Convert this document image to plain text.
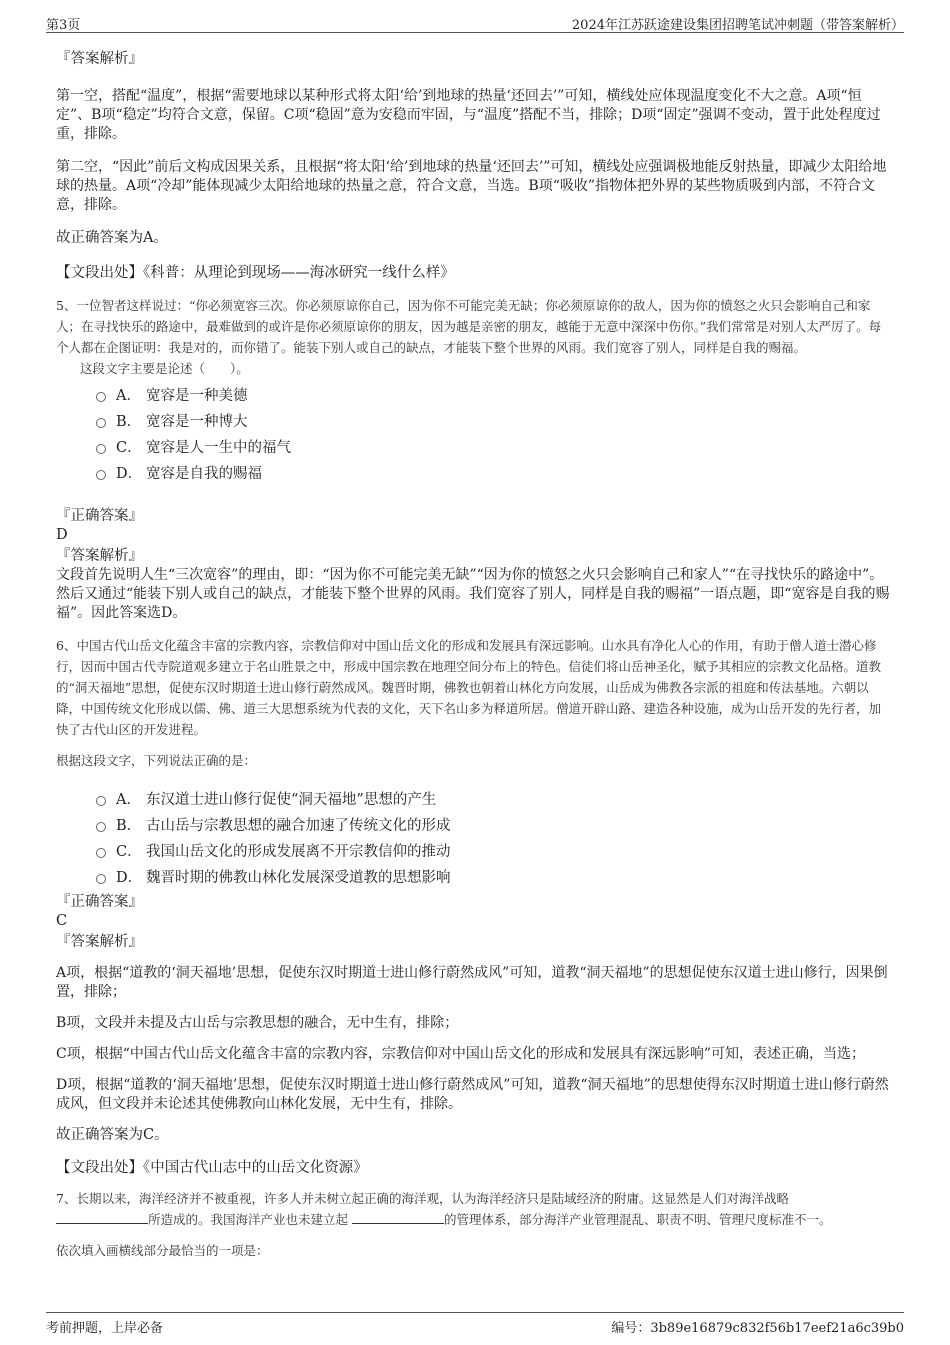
第3页	2024年江苏跃途建设集团招聘笔试冲刺题（带答案解析）

『答案解析』

第一空，搭配“温度”，根据“需要地球以某种形式将太阳‘给’到地球的热量‘还回去’”可知，横线处应体现温度变化不大之意。A项“恒定”、B项“稳定”均符合文意，保留。C项“稳固”意为安稳而牢固，与“温度”搭配不当，排除；D项“固定”强调不变动，置于此处程度过重，排除。

第二空，“因此”前后文构成因果关系，且根据“将太阳‘给’到地球的热量‘还回去’”可知，横线处应强调极地能反射热量，即减少太阳给地球的热量。A项“冷却”能体现减少太阳给地球的热量之意，符合文意，当选。B项“吸收”指物体把外界的某些物质吸到内部，不符合文意，排除。

故正确答案为A。

【文段出处】《科普：从理论到现场——海冰研究一线什么样》

5、一位智者这样说过：“你必须宽容三次。你必须原谅你自己，因为你不可能完美无缺；你必须原谅你的敌人，因为你的愤怒之火只会影响自己和家人；在寻找快乐的路途中，最难做到的或许是你必须原谅你的朋友，因为越是亲密的朋友，越能于无意中深深中伤你。”我们常常是对别人太严厉了。每个人都在企图证明：我是对的，而你错了。能装下别人或自己的缺点，才能装下整个世界的风雨。我们宽容了别人，同样是自我的赐福。

这段文字主要是论述（　　）。

A． 宽容是一种美德
B． 宽容是一种博大
C． 宽容是人一生中的福气
D． 宽容是自我的赐福

『正确答案』

D

『答案解析』

文段首先说明人生“三次宽容”的理由，即：“因为你不可能完美无缺”“因为你的愤怒之火只会影响自己和家人”“在寻找快乐的路途中”。然后又通过“能装下别人或自己的缺点，才能装下整个世界的风雨。我们宽容了别人，同样是自我的赐福”一语点题，即“宽容是自我的赐福”。因此答案选D。

6、中国古代山岳文化蕴含丰富的宗教内容，宗教信仰对中国山岳文化的形成和发展具有深远影响。山水具有净化人心的作用，有助于僧人道士潜心修行，因而中国古代寺院道观多建立于名山胜景之中，形成中国宗教在地理空间分布上的特色。信徒们将山岳神圣化，赋予其相应的宗教文化品格。道教的“洞天福地”思想，促使东汉时期道士进山修行蔚然成风。魏晋时期，佛教也朝着山林化方向发展，山岳成为佛教各宗派的祖庭和传法基地。六朝以降，中国传统文化形成以儒、佛、道三大思想系统为代表的文化，天下名山多为释道所居。僧道开辟山路、建造各种设施，成为山岳开发的先行者，加快了古代山区的开发进程。

根据这段文字，下列说法正确的是：

A． 东汉道士进山修行促使“洞天福地”思想的产生
B． 古山岳与宗教思想的融合加速了传统文化的形成
C． 我国山岳文化的形成发展离不开宗教信仰的推动
D． 魏晋时期的佛教山林化发展深受道教的思想影响

『正确答案』

C

『答案解析』

A项，根据“道教的‘洞天福地’思想，促使东汉时期道士进山修行蔚然成风”可知，道教“洞天福地”的思想促使东汉道士进山修行，因果倒置，排除；

B项，文段并未提及古山岳与宗教思想的融合，无中生有，排除；

C项，根据“中国古代山岳文化蕴含丰富的宗教内容，宗教信仰对中国山岳文化的形成和发展具有深远影响”可知，表述正确，当选；

D项，根据“道教的‘洞天福地’思想，促使东汉时期道士进山修行蔚然成风”可知，道教“洞天福地”的思想使得东汉时期道士进山修行蔚然成风，但文段并未论述其使佛教向山林化发展，无中生有，排除。

故正确答案为C。

【文段出处】《中国古代山志中的山岳文化资源》

7、长期以来，海洋经济并不被重视，许多人并未树立起正确的海洋观，认为海洋经济只是陆域经济的附庸。这显然是人们对海洋战略
所造成的。我国海洋产业也未建立起	的管理体系，部分海洋产业管理混乱、职责不明、管理尺度标准不一。

依次填入画横线部分最恰当的一项是：

考前押题，上岸必备	编号：3b89e16879c832f56b17eef21a6c39b0
